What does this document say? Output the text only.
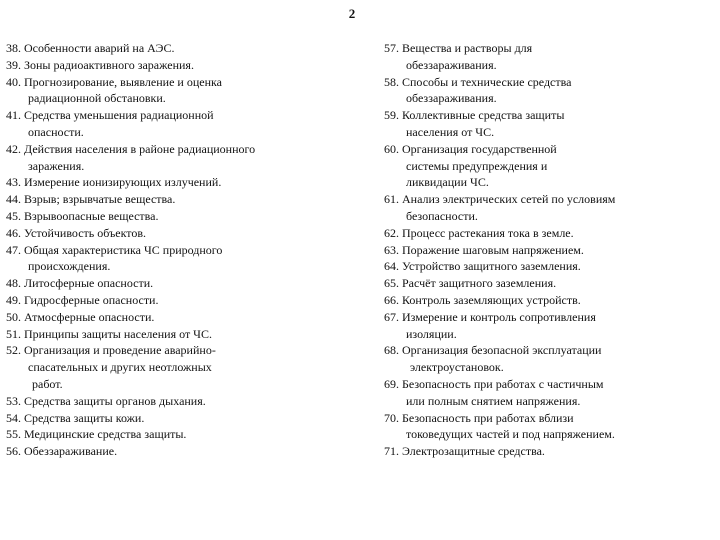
2
38. Особенности аварий на АЭС.
39. Зоны радиоактивного заражения.
40. Прогнозирование, выявление и оценка
радиационной обстановки.
41. Средства уменьшения радиационной
опасности.
42. Действия населения в районе радиационного
заражения.
43. Измерение ионизирующих излучений.
44. Взрыв; взрывчатые вещества.
45. Взрывоопасные вещества.
46. Устойчивость объектов.
47. Общая характеристика ЧС природного
происхождения.
48. Литосферные опасности.
49. Гидросферные опасности.
50. Атмосферные опасности.
51. Принципы защиты населения от ЧС.
52. Организация и проведение аварийно-
спасательных и других неотложных
работ.
53. Средства защиты органов дыхания.
54. Средства защиты кожи.
55. Медицинские средства защиты.
56. Обеззараживание.
57. Вещества и растворы для
обеззараживания.
58. Способы и технические средства
обеззараживания.
59. Коллективные средства защиты
населения от ЧС.
60. Организация государственной
системы предупреждения и
ликвидации ЧС.
61. Анализ электрических сетей по условиям
безопасности.
62. Процесс растекания тока в земле.
63. Поражение шаговым напряжением.
64. Устройство защитного заземления.
65. Расчёт защитного заземления.
66. Контроль заземляющих устройств.
67. Измерение и контроль сопротивления
изоляции.
68. Организация безопасной эксплуатации
электроустановок.
69. Безопасность при работах с частичным
или полным снятием напряжения.
70. Безопасность при работах вблизи
токоведущих частей и под напряжением.
71. Электрозащитные средства.
